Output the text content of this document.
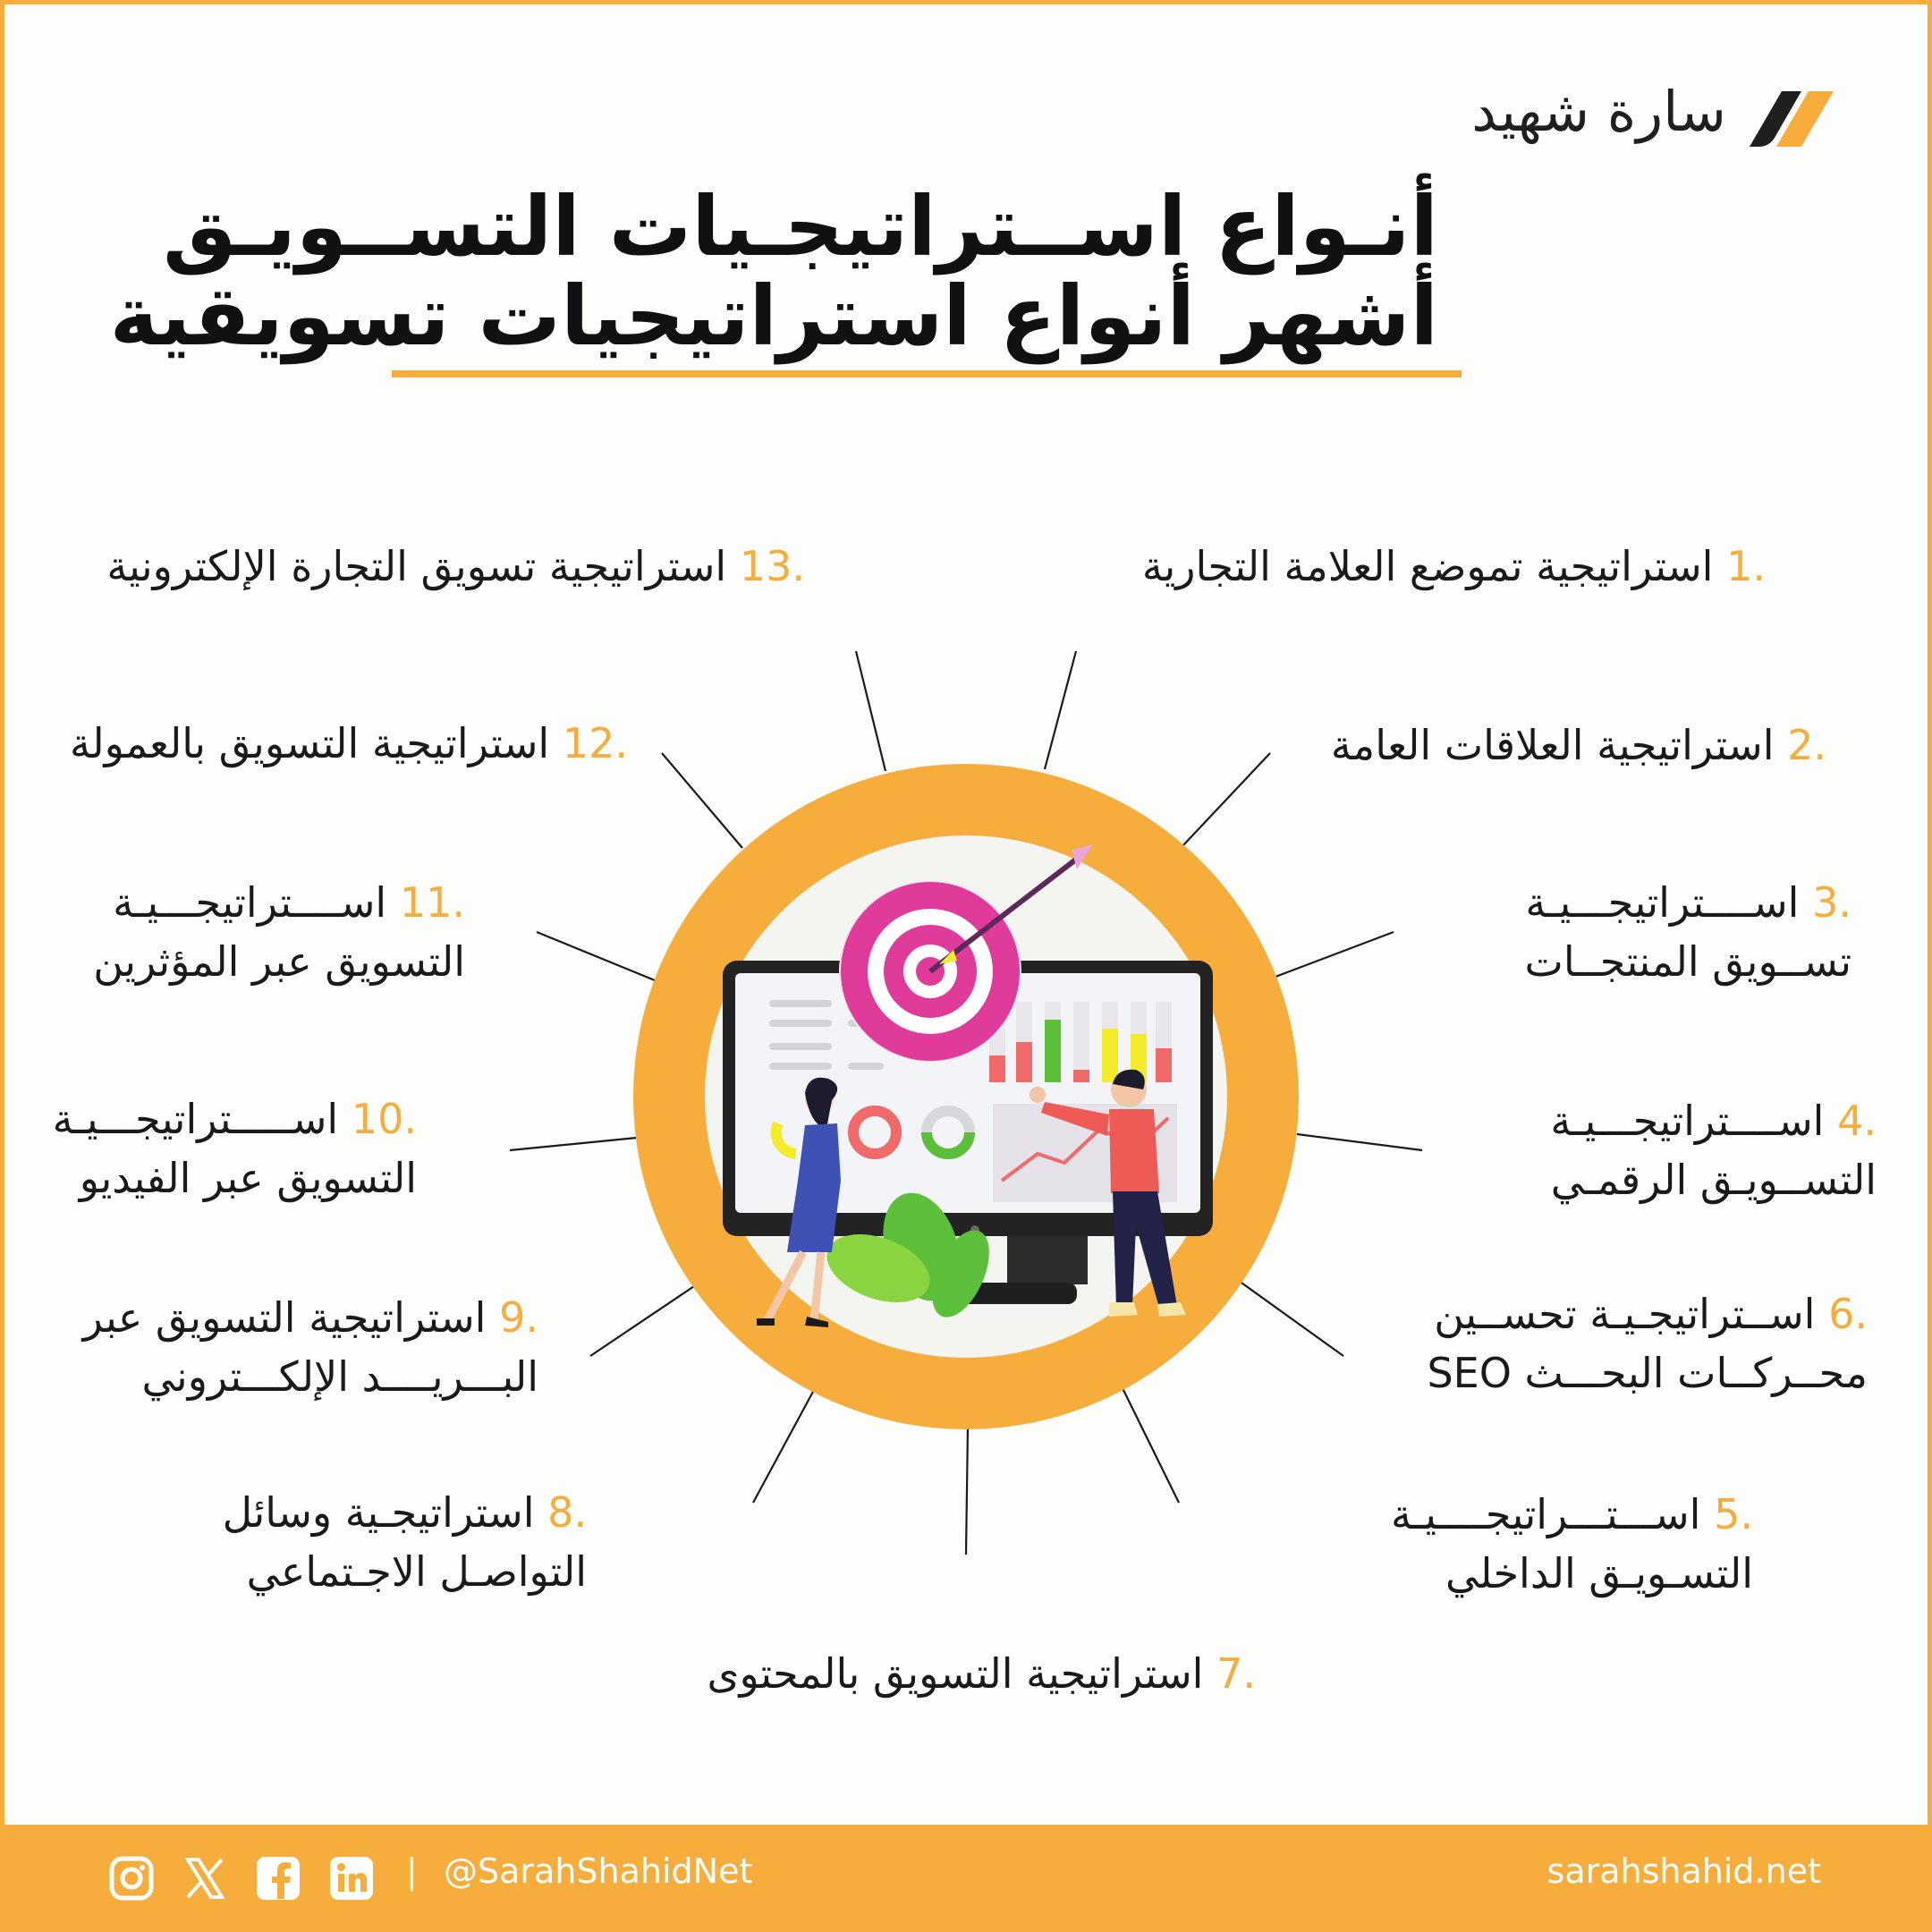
سارة شهيد
أنـواع اســتراتيجـيات التســويـق
أشهر أنواع استراتيجيات تسويقية
.1 استراتيجية تموضع العلامة التجارية
.2 استراتيجية العلاقات العامة
.3 اســــتراتيجـــيـة
تســويق المنتجــات
.4 اســــتراتيجـــيـة
التســويـق الرقمـي
.6 اســتراتيجـيـة تحســين
محــركــات البحـــث SEO
.5 اســـتـــراتيجــــيـة
التسـويـق الداخلي
.7 استراتيجية التسويق بالمحتوى
.8 استراتيجـية وسائل
التواصـل الاجـتماعي
.9 استراتيجية التسويق عبر
البـــريــــد الإلكـــتروني
.10 اســـــتراتيجـــيـة
التسويق عبر الفيديو
.11 اســــتراتيجـــيـة
التسويق عبر المؤثرين
.12 استراتيجية التسويق بالعمولة
.13 استراتيجية تسويق التجارة الإلكترونية
| @SarahShahidNet	sarahshahid.net
